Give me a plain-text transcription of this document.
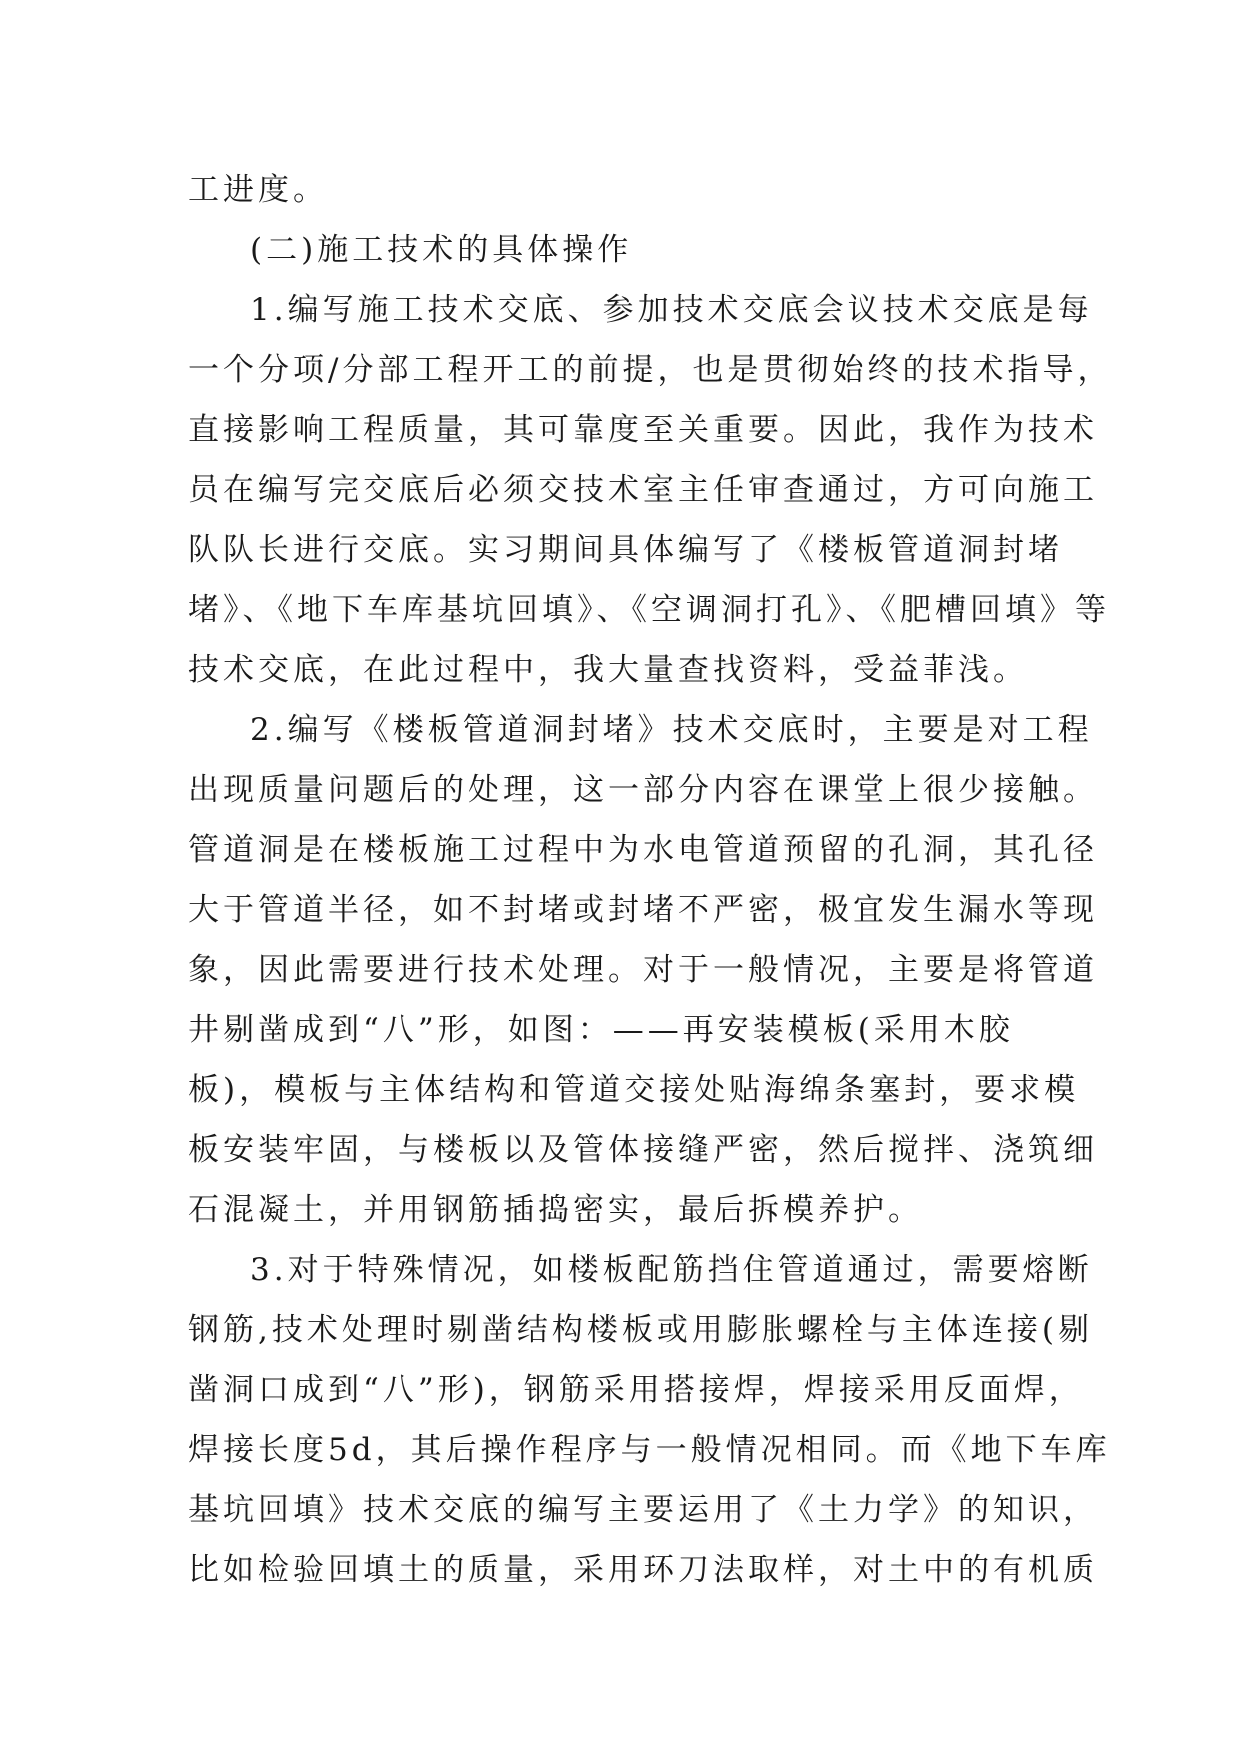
工进度。
(二)施工技术的具体操作
1.编写施工技术交底、参加技术交底会议技术交底是每
一个分项/分部工程开工的前提，也是贯彻始终的技术指导，
直接影响工程质量，其可靠度至关重要。因此，我作为技术
员在编写完交底后必须交技术室主任审查通过，方可向施工
队队长进行交底。实习期间具体编写了《楼板管道洞封堵
堵》、《地下车库基坑回填》、《空调洞打孔》、《肥槽回填》等
技术交底，在此过程中，我大量查找资料，受益菲浅。
2.编写《楼板管道洞封堵》技术交底时，主要是对工程
出现质量问题后的处理，这一部分内容在课堂上很少接触。
管道洞是在楼板施工过程中为水电管道预留的孔洞，其孔径
大于管道半径，如不封堵或封堵不严密，极宜发生漏水等现
象，因此需要进行技术处理。对于一般情况，主要是将管道
井剔凿成到“八”形，如图：——再安装模板(采用木胶
板)，模板与主体结构和管道交接处贴海绵条塞封，要求模
板安装牢固，与楼板以及管体接缝严密，然后搅拌、浇筑细
石混凝土，并用钢筋插捣密实，最后拆模养护。
3.对于特殊情况，如楼板配筋挡住管道通过，需要熔断
钢筋,技术处理时剔凿结构楼板或用膨胀螺栓与主体连接(剔
凿洞口成到“八”形)，钢筋采用搭接焊，焊接采用反面焊，
焊接长度5d，其后操作程序与一般情况相同。而《地下车库
基坑回填》技术交底的编写主要运用了《土力学》的知识，
比如检验回填土的质量，采用环刀法取样，对土中的有机质
